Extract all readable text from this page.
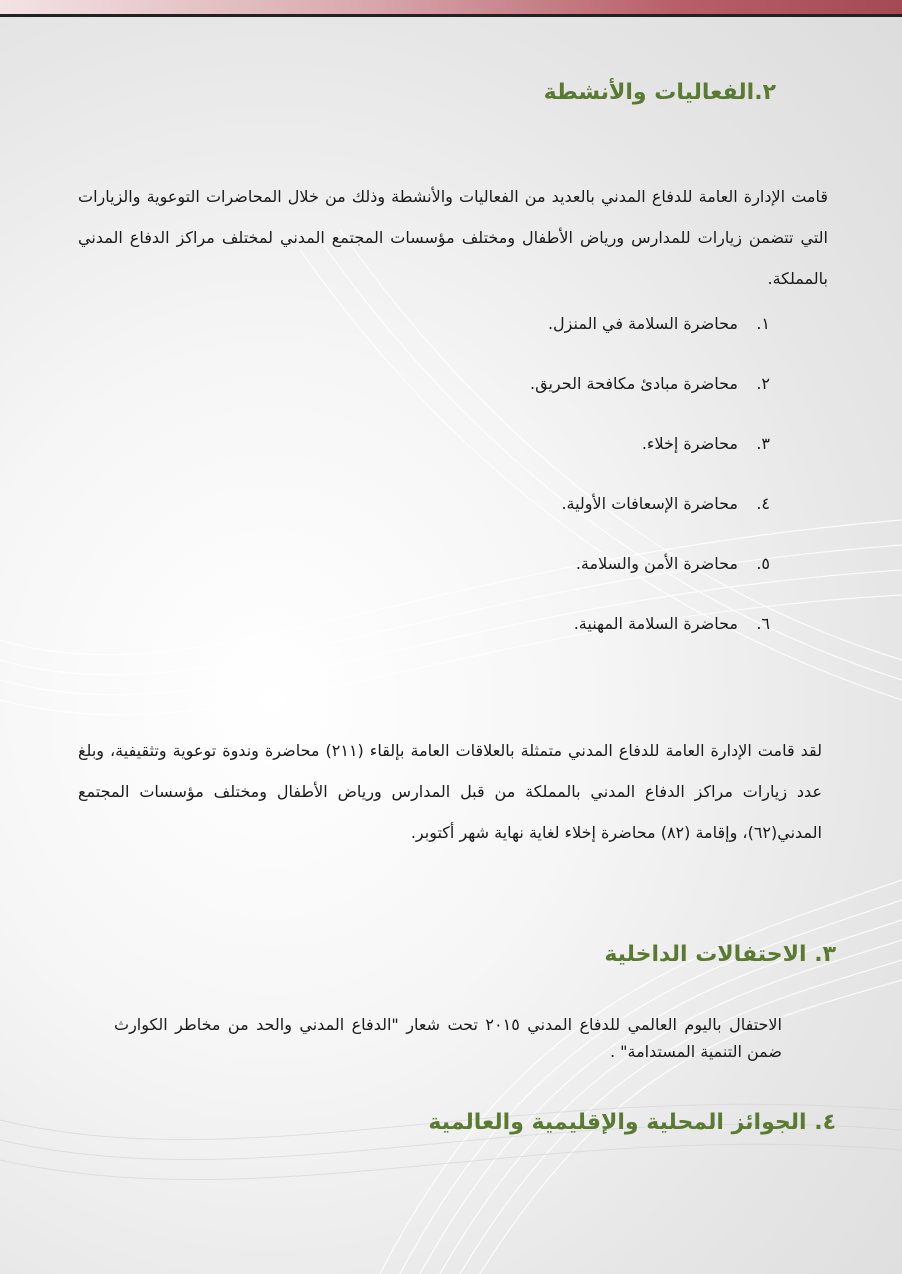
٢.الفعاليات والأنشطة

قامت الإدارة العامة للدفاع المدني بالعديد من الفعاليات والأنشطة وذلك من خلال المحاضرات التوعوية والزيارات التي تتضمن زيارات للمدارس ورياض الأطفال ومختلف مؤسسات المجتمع المدني لمختلف مراكز الدفاع المدني بالمملكة.

١.محاضرة السلامة في المنزل.
٢.محاضرة مبادئ مكافحة الحريق.
٣.محاضرة إخلاء.
٤.محاضرة الإسعافات الأولية.
٥.محاضرة الأمن والسلامة.
٦.محاضرة السلامة المهنية.

لقد قامت الإدارة العامة للدفاع المدني متمثلة بالعلاقات العامة بإلقاء (٢١١) محاضرة وندوة توعوية وتثقيفية، وبلغ عدد زيارات مراكز الدفاع المدني بالمملكة من قبل المدارس ورياض الأطفال ومختلف مؤسسات المجتمع المدني(٦٢)، وإقامة (٨٢) محاضرة إخلاء لغاية نهاية شهر أكتوبر.

٣. الاحتفالات الداخلية

الاحتفال باليوم العالمي للدفاع المدني ٢٠١٥ تحت شعار "الدفاع المدني والحد من مخاطر الكوارث ضمن التنمية المستدامة" .

٤. الجوائز المحلية والإقليمية والعالمية
